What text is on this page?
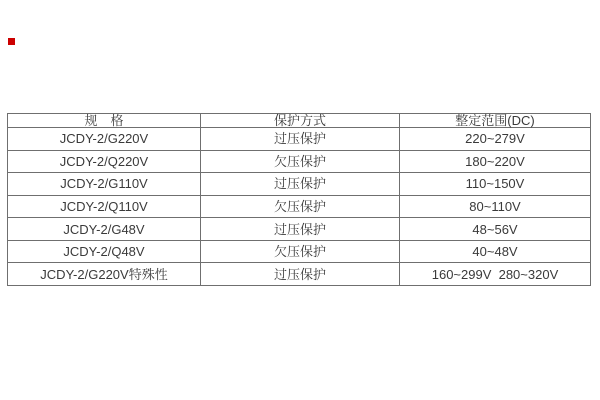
规　格	保护方式	整定范围(DC)
JCDY-2/G220V	过压保护	220~279V
JCDY-2/Q220V	欠压保护	180~220V
JCDY-2/G110V	过压保护	110~150V
JCDY-2/Q110V	欠压保护	80~110V
JCDY-2/G48V	过压保护	48~56V
JCDY-2/Q48V	欠压保护	40~48V
JCDY-2/G220V特殊性	过压保护	160~299V  280~320V
